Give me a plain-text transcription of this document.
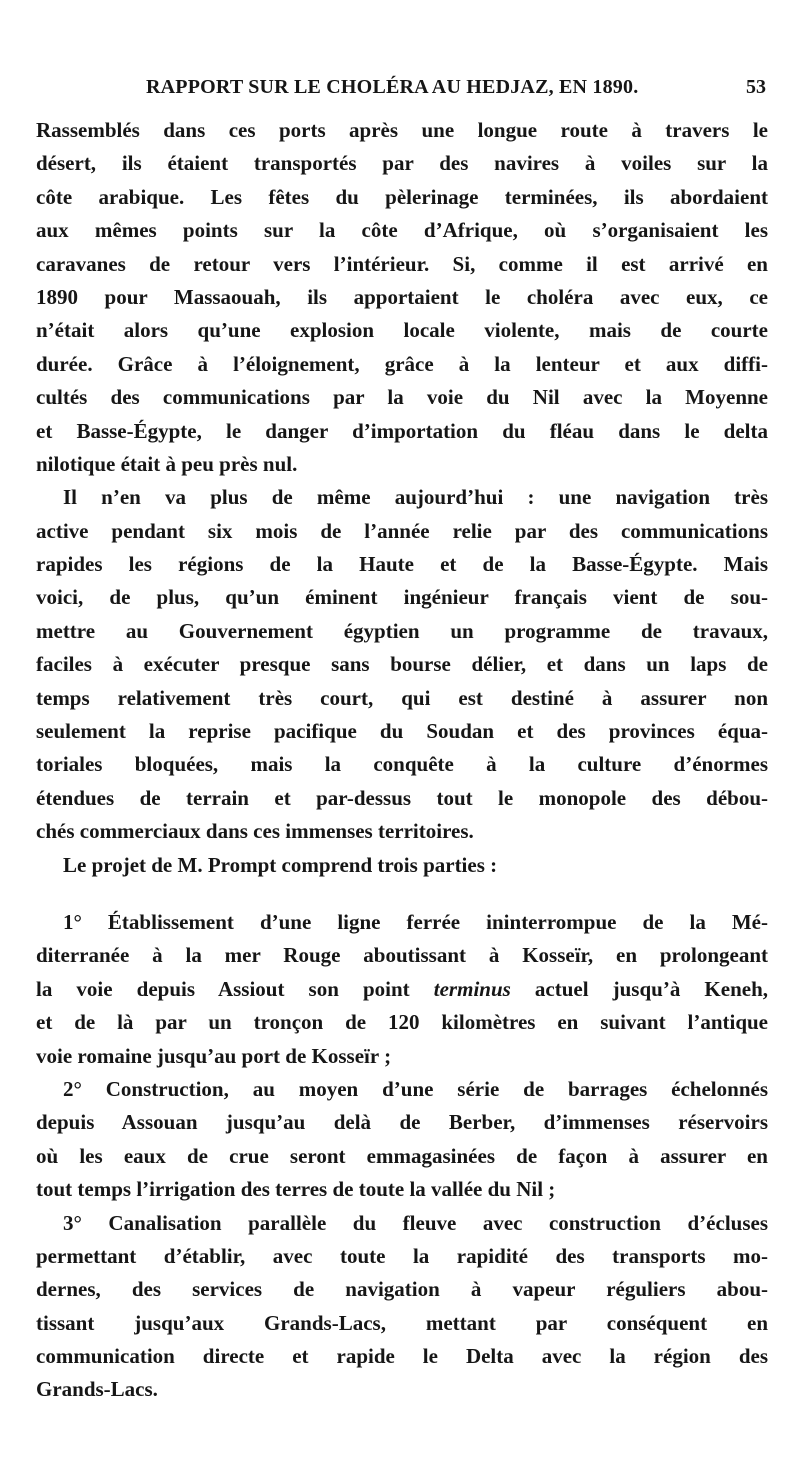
RAPPORT SUR LE CHOLÉRA AU HEDJAZ, EN 1890.	53
Rassemblés dans ces ports après une longue route à travers le
désert, ils étaient transportés par des navires à voiles sur la
côte arabique. Les fêtes du pèlerinage terminées, ils abordaient
aux mêmes points sur la côte d’Afrique, où s’organisaient les
caravanes de retour vers l’intérieur. Si, comme il est arrivé en
1890 pour Massaouah, ils apportaient le choléra avec eux, ce
n’était alors qu’une explosion locale violente, mais de courte
durée. Grâce à l’éloignement, grâce à la lenteur et aux diffi-
cultés des communications par la voie du Nil avec la Moyenne
et Basse-Égypte, le danger d’importation du fléau dans le delta
nilotique était à peu près nul.
Il n’en va plus de même aujourd’hui : une navigation très
active pendant six mois de l’année relie par des communications
rapides les régions de la Haute et de la Basse-Égypte. Mais
voici, de plus, qu’un éminent ingénieur français vient de sou-
mettre au Gouvernement égyptien un programme de travaux,
faciles à exécuter presque sans bourse délier, et dans un laps de
temps relativement très court, qui est destiné à assurer non
seulement la reprise pacifique du Soudan et des provinces équa-
toriales bloquées, mais la conquête à la culture d’énormes
étendues de terrain et par-dessus tout le monopole des débou-
chés commerciaux dans ces immenses territoires.
Le projet de M. Prompt comprend trois parties :
1° Établissement d’une ligne ferrée ininterrompue de la Mé-
diterranée à la mer Rouge aboutissant à Kosseïr, en prolongeant
la voie depuis Assiout son point terminus actuel jusqu’à Keneh,
et de là par un tronçon de 120 kilomètres en suivant l’antique
voie romaine jusqu’au port de Kosseïr ;
2° Construction, au moyen d’une série de barrages échelonnés
depuis Assouan jusqu’au delà de Berber, d’immenses réservoirs
où les eaux de crue seront emmagasinées de façon à assurer en
tout temps l’irrigation des terres de toute la vallée du Nil ;
3° Canalisation parallèle du fleuve avec construction d’écluses
permettant d’établir, avec toute la rapidité des transports mo-
dernes, des services de navigation à vapeur réguliers abou-
tissant jusqu’aux Grands-Lacs, mettant par conséquent en
communication directe et rapide le Delta avec la région des
Grands-Lacs.
